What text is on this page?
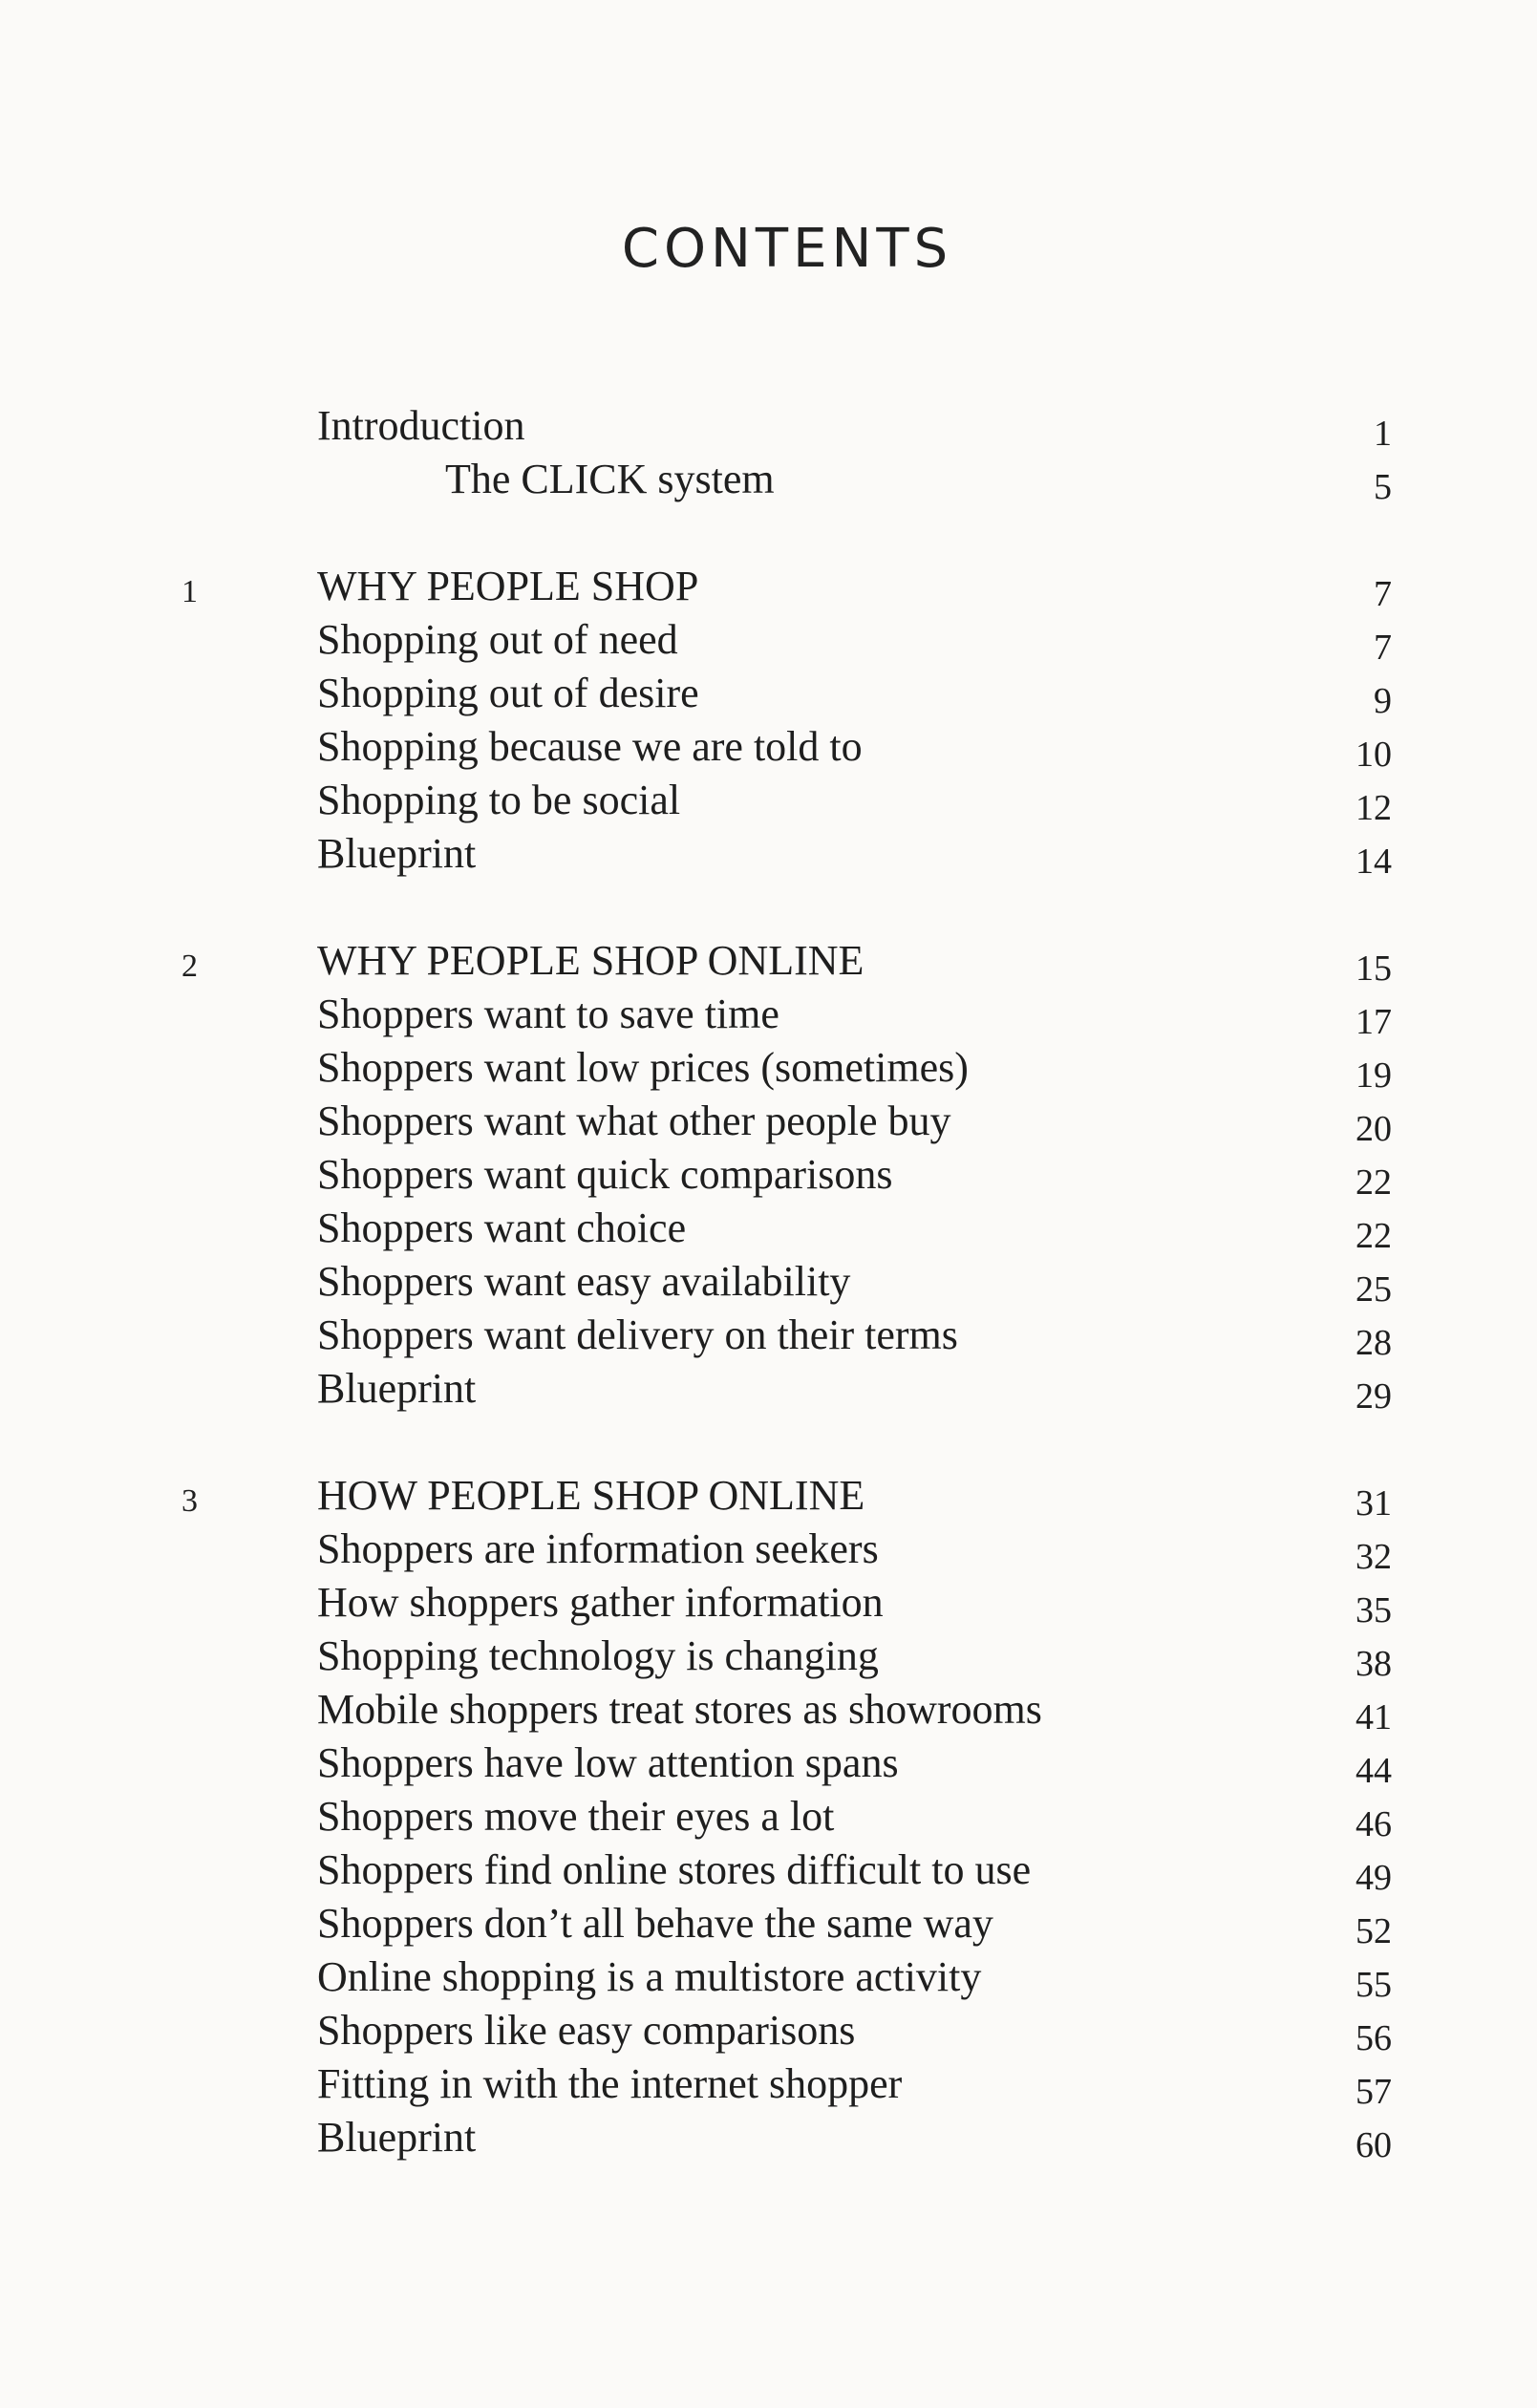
CONTENTS
Introduction	1
The CLICK system	5
1	WHY PEOPLE SHOP	7
Shopping out of need	7
Shopping out of desire	9
Shopping because we are told to	10
Shopping to be social	12
Blueprint	14
2	WHY PEOPLE SHOP ONLINE	15
Shoppers want to save time	17
Shoppers want low prices (sometimes)	19
Shoppers want what other people buy	20
Shoppers want quick comparisons	22
Shoppers want choice	22
Shoppers want easy availability	25
Shoppers want delivery on their terms	28
Blueprint	29
3	HOW PEOPLE SHOP ONLINE	31
Shoppers are information seekers	32
How shoppers gather information	35
Shopping technology is changing	38
Mobile shoppers treat stores as showrooms	41
Shoppers have low attention spans	44
Shoppers move their eyes a lot	46
Shoppers find online stores difficult to use	49
Shoppers don’t all behave the same way	52
Online shopping is a multistore activity	55
Shoppers like easy comparisons	56
Fitting in with the internet shopper	57
Blueprint	60
